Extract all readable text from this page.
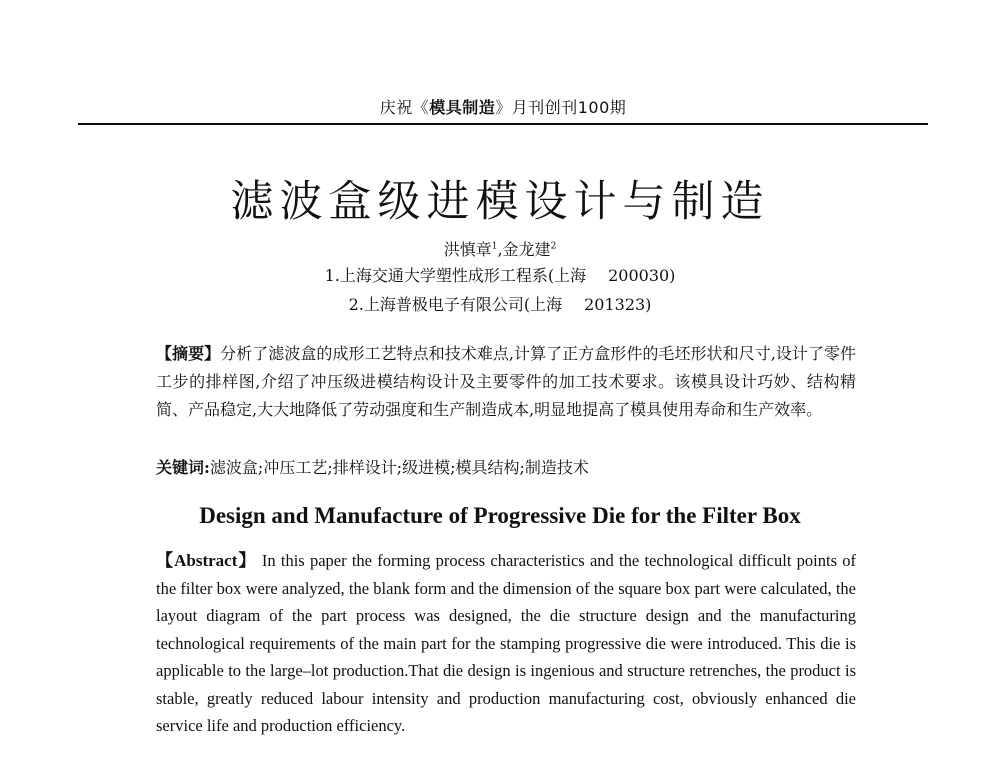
庆祝《模具制造》月刊创刊100期
滤波盒级进模设计与制造
洪慎章$^1$,金龙建$^2$
1.上海交通大学塑性成形工程系(上海 200030)
2.上海普极电子有限公司(上海 201323)
【摘要】分析了滤波盒的成形工艺特点和技术难点,计算了正方盒形件的毛坯形状和尺寸,设计了零件工步的排样图,介绍了冲压级进模结构设计及主要零件的加工技术要求。该模具设计巧妙、结构精简、产品稳定,大大地降低了劳动强度和生产制造成本,明显地提高了模具使用寿命和生产效率。
关键词:滤波盒;冲压工艺;排样设计;级进模;模具结构;制造技术
Design and Manufacture of Progressive Die for the Filter Box
【Abstract】 In this paper the forming process characteristics and the technological difficult points of the filter box were analyzed, the blank form and the dimension of the square box part were calculated, the layout diagram of the part process was designed, the die structure design and the manufacturing technological requirements of the main part for the stamping progressive die were introduced. This die is applicable to the large–lot production.That die design is ingenious and structure retrenches, the product is stable, greatly reduced labour intensity and production manufacturing cost, obviously enhanced die service life and production efficiency.
